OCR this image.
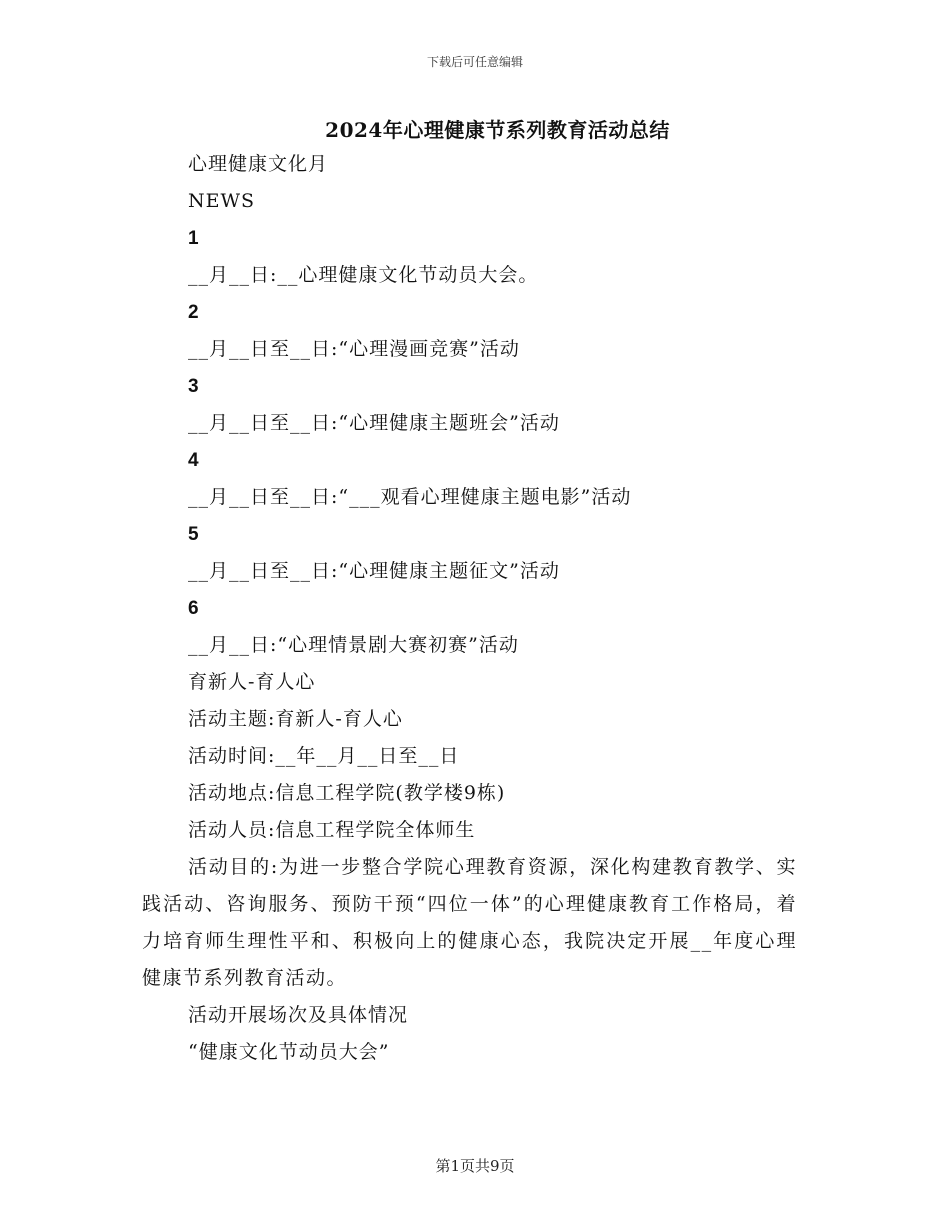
下载后可任意编辑
2024年心理健康节系列教育活动总结
心理健康文化月
NEWS
1
__月__日:__心理健康文化节动员大会。
2
__月__日至__日:“心理漫画竞赛”活动
3
__月__日至__日:“心理健康主题班会”活动
4
__月__日至__日:“___观看心理健康主题电影”活动
5
__月__日至__日:“心理健康主题征文”活动
6
__月__日:“心理情景剧大赛初赛”活动
育新人-育人心
活动主题:育新人-育人心
活动时间:__年__月__日至__日
活动地点:信息工程学院(教学楼9栋)
活动人员:信息工程学院全体师生

活动目的:为进一步整合学院心理教育资源，深化构建教育教学、实践活动、咨询服务、预防干预“四位一体”的心理健康教育工作格局，着力培育师生理性平和、积极向上的健康心态，我院决定开展__年度心理健康节系列教育活动。

活动开展场次及具体情况
“健康文化节动员大会”
第1页共9页
